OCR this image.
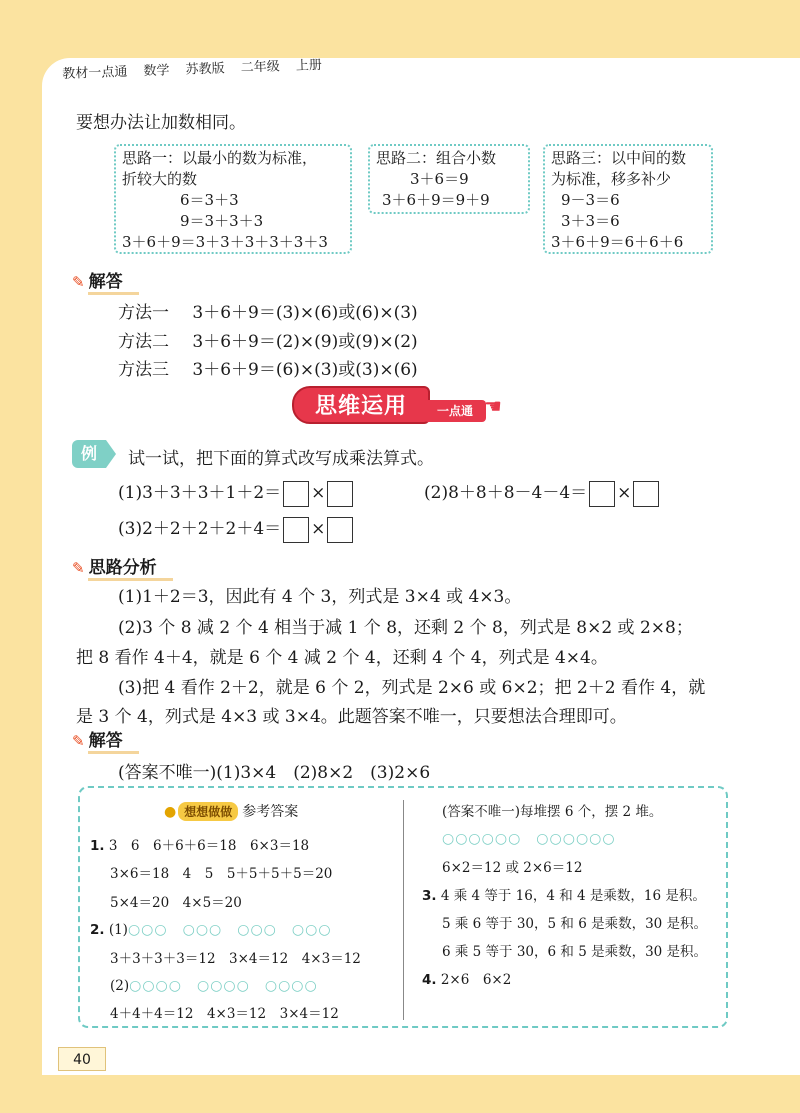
教材一点通 数学 苏教版 二年级 上册
要想办法让加数相同。
思路一：以最小的数为标准，
折较大的数
6＝3＋3
9＝3＋3＋3
3＋6＋9＝3＋3＋3＋3＋3＋3
思路二：组合小数
3＋6＝9
3＋6＋9＝9＋9
思路三：以中间的数
为标准，移多补少
9－3＝6
3＋3＝6
3＋6＋9＝6＋6＋6
✎ 解答
方法一 3＋6＋9＝(3)×(6)或(6)×(3)
方法二 3＋6＋9＝(2)×(9)或(9)×(2)
方法三 3＋6＋9＝(6)×(3)或(3)×(6)
思维运用	一点通 ☚
例	试一试，把下面的算式改写成乘法算式。
(1)3＋3＋3＋1＋2＝ ×	(2)8＋8＋8－4－4＝ ×
(3)2＋2＋2＋2＋4＝ ×
✎ 思路分析
(1)1＋2＝3，因此有 4 个 3，列式是 3×4 或 4×3。
(2)3 个 8 减 2 个 4 相当于减 1 个 8，还剩 2 个 8，列式是 8×2 或 2×8；
把 8 看作 4＋4，就是 6 个 4 减 2 个 4，还剩 4 个 4，列式是 4×4。
(3)把 4 看作 2＋2，就是 6 个 2，列式是 2×6 或 6×2；把 2＋2 看作 4，就
是 3 个 4，列式是 4×3 或 3×4。此题答案不唯一，只要想法合理即可。
✎ 解答
(答案不唯一)(1)3×4　(2)8×2　(3)2×6
● 想想做做 参考答案
1. 3　6　6＋6＋6＝18　6×3＝18
3×6＝18　4　5　5＋5＋5＋5＝20
5×4＝20　4×5＝20
2. (1)○○○　○○○　○○○　○○○
3＋3＋3＋3＝12　3×4＝12　4×3＝12
(2)○○○○　○○○○　○○○○
4＋4＋4＝12　4×3＝12　3×4＝12
(答案不唯一)每堆摆 6 个，摆 2 堆。
○○○○○○　○○○○○○
6×2＝12 或 2×6＝12
3. 4 乘 4 等于 16，4 和 4 是乘数，16 是积。
5 乘 6 等于 30，5 和 6 是乘数，30 是积。
6 乘 5 等于 30，6 和 5 是乘数，30 是积。
4. 2×6　6×2
40
